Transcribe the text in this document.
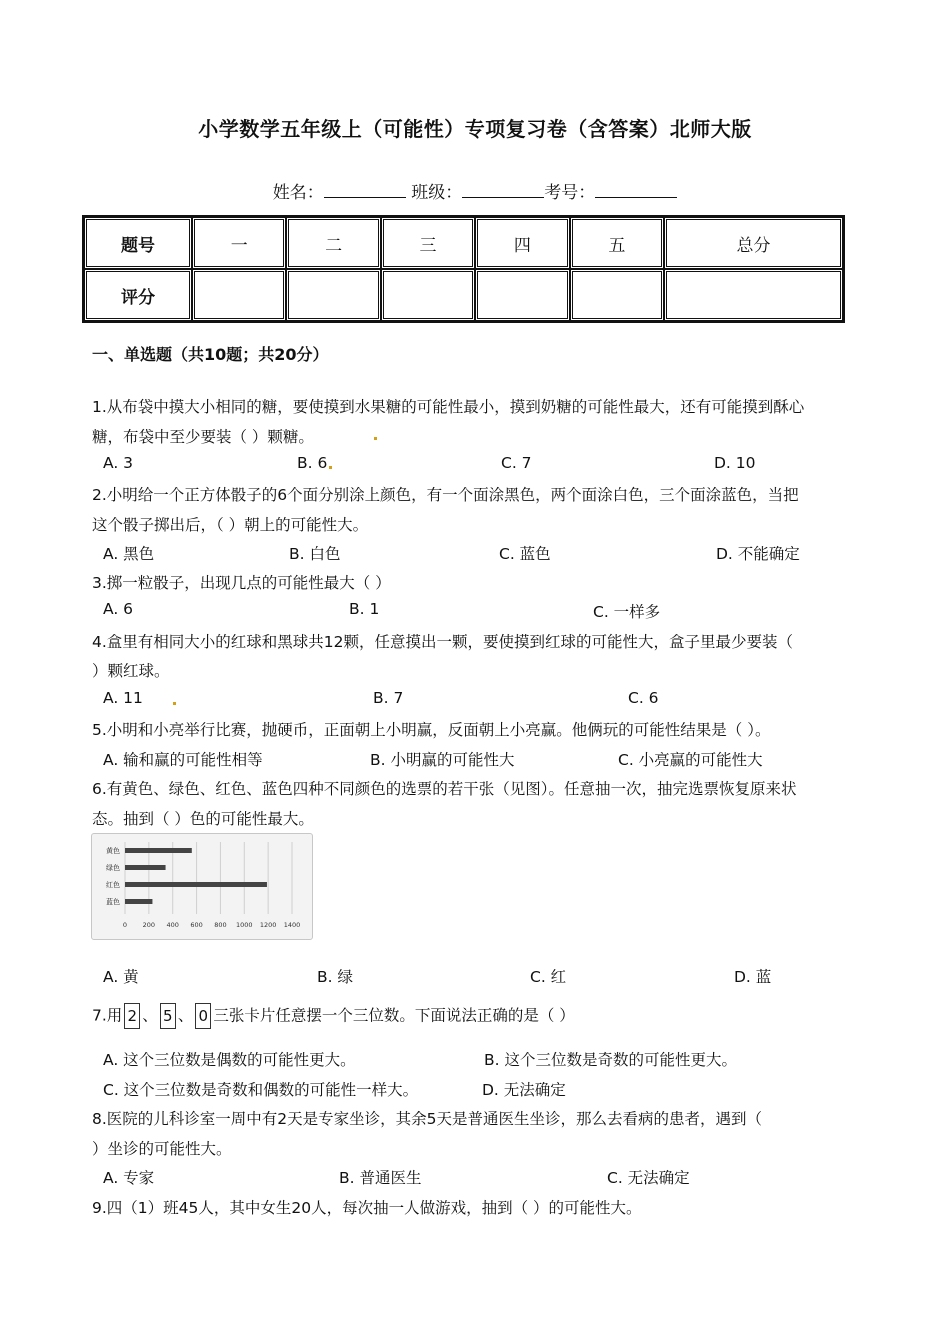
小学数学五年级上（可能性）专项复习卷（含答案）北师大版
姓名：	班级：	考号：
题号	一	二	三	四	五	总分
评分						
一、单选题（共10题；共20分）
1.从布袋中摸大小相同的糖，要使摸到水果糖的可能性最小，摸到奶糖的可能性最大，还有可能摸到酥心
糖，布袋中至少要装（ ）颗糖。
A. 3	B. 6	C. 7	D. 10
2.小明给一个正方体骰子的6个面分别涂上颜色，有一个面涂黑色，两个面涂白色，三个面涂蓝色，当把
这个骰子掷出后，（ ）朝上的可能性大。
A. 黑色	B. 白色	C. 蓝色	D. 不能确定
3.掷一粒骰子，出现几点的可能性最大（ ）
A. 6	B. 1	C. 一样多
4.盒里有相同大小的红球和黑球共12颗，任意摸出一颗，要使摸到红球的可能性大，盒子里最少要装（
）颗红球。
A. 11	B. 7	C. 6
5.小明和小亮举行比赛，抛硬币，正面朝上小明赢，反面朝上小亮赢。他俩玩的可能性结果是（ ）。
A. 输和赢的可能性相等	B. 小明赢的可能性大	C. 小亮赢的可能性大
6.有黄色、绿色、红色、蓝色四种不同颜色的选票的若干张（见图）。任意抽一次，抽完选票恢复原来状
态。抽到（ ）色的可能性最大。
0 200 400 600 800 1000 1200 1400
黄色
绿色
红色
蓝色
A. 黄	B. 绿	C. 红	D. 蓝
7.用 2 、 5 、 0 三张卡片任意摆一个三位数。下面说法正确的是（ ）
A. 这个三位数是偶数的可能性更大。	B. 这个三位数是奇数的可能性更大。
C. 这个三位数是奇数和偶数的可能性一样大。	D. 无法确定
8.医院的儿科诊室一周中有2天是专家坐诊，其余5天是普通医生坐诊，那么去看病的患者，遇到（
）坐诊的可能性大。
A. 专家	B. 普通医生	C. 无法确定
9.四（1）班45人，其中女生20人，每次抽一人做游戏，抽到（ ）的可能性大。
